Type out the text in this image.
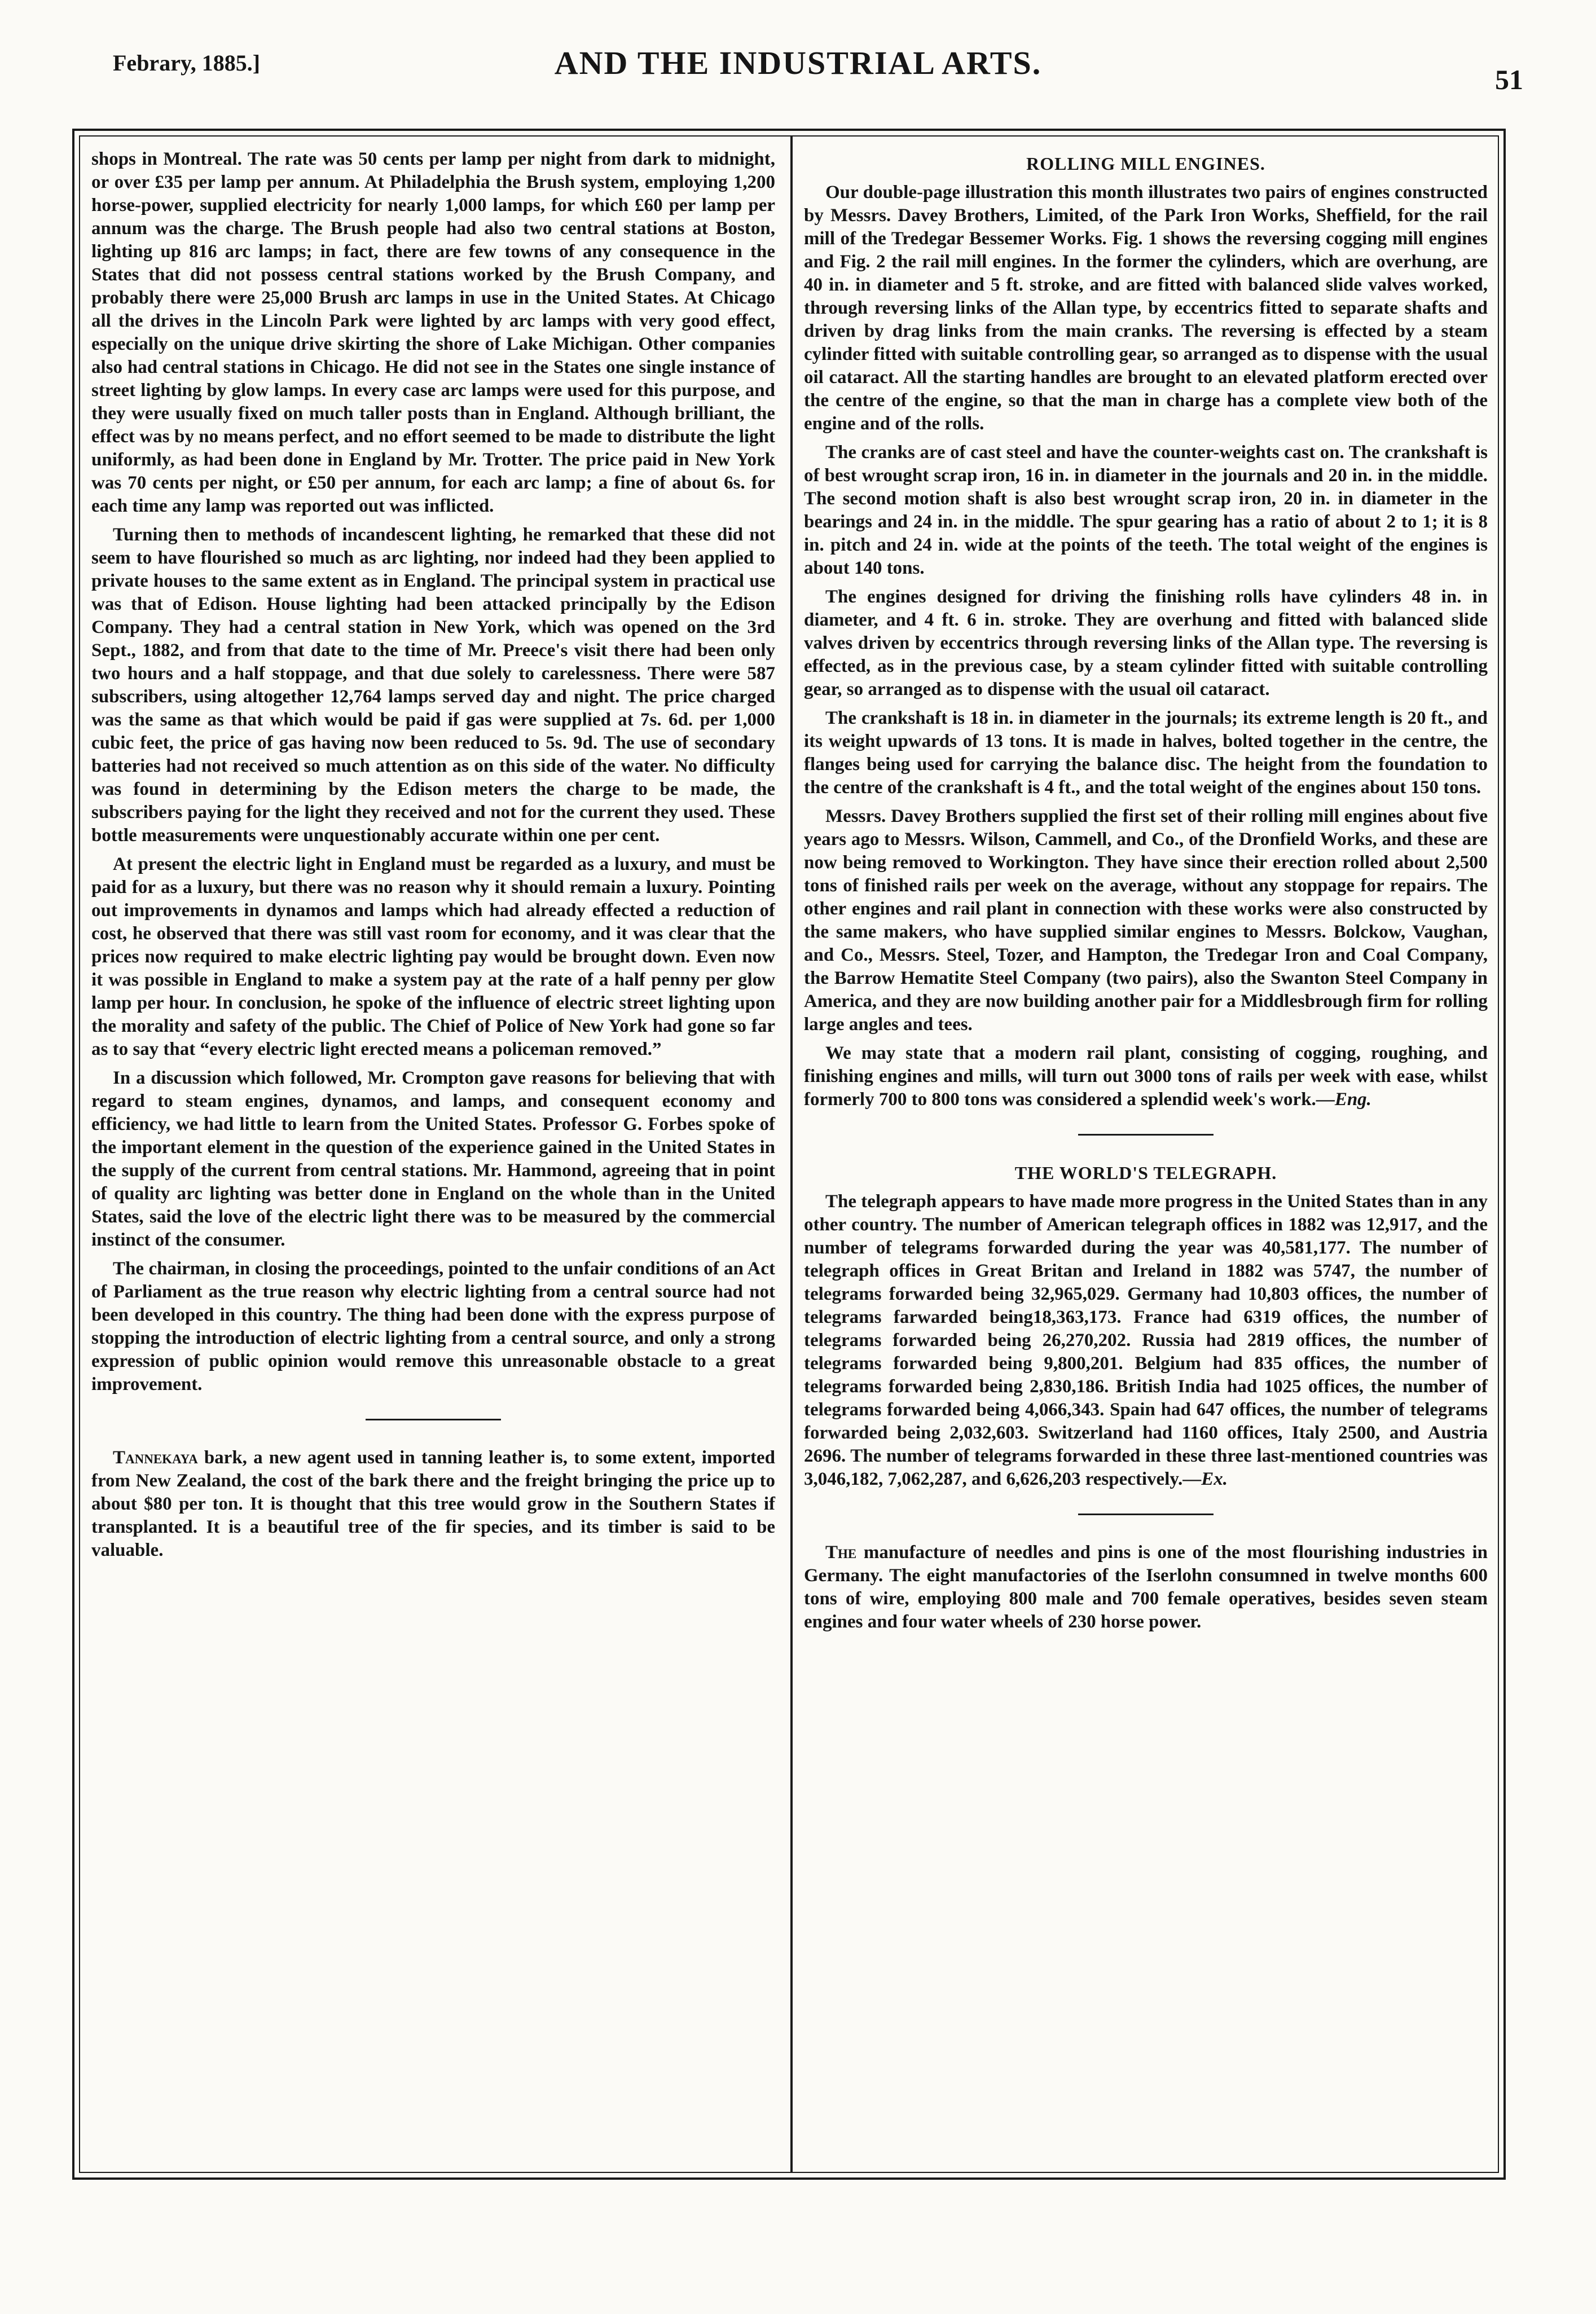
Febrary, 1885.]	AND THE INDUSTRIAL ARTS.	51

shops in Montreal. The rate was 50 cents per lamp per night from dark to midnight, or over £35 per lamp per annum. At Philadelphia the Brush system, employing 1,200 horse-power, supplied electricity for nearly 1,000 lamps, for which £60 per lamp per annum was the charge. The Brush people had also two central stations at Boston, lighting up 816 arc lamps; in fact, there are few towns of any consequence in the States that did not possess central stations worked by the Brush Company, and probably there were 25,000 Brush arc lamps in use in the United States. At Chicago all the drives in the Lincoln Park were lighted by arc lamps with very good effect, especially on the unique drive skirting the shore of Lake Michigan. Other companies also had central stations in Chicago. He did not see in the States one single instance of street lighting by glow lamps. In every case arc lamps were used for this purpose, and they were usually fixed on much taller posts than in England. Although brilliant, the effect was by no means perfect, and no effort seemed to be made to distribute the light uniformly, as had been done in England by Mr. Trotter. The price paid in New York was 70 cents per night, or £50 per annum, for each arc lamp; a fine of about 6s. for each time any lamp was reported out was inflicted.

Turning then to methods of incandescent lighting, he remarked that these did not seem to have flourished so much as arc lighting, nor indeed had they been applied to private houses to the same extent as in England. The principal system in practical use was that of Edison. House lighting had been attacked principally by the Edison Company. They had a central station in New York, which was opened on the 3rd Sept., 1882, and from that date to the time of Mr. Preece's visit there had been only two hours and a half stoppage, and that due solely to carelessness. There were 587 subscribers, using altogether 12,764 lamps served day and night. The price charged was the same as that which would be paid if gas were supplied at 7s. 6d. per 1,000 cubic feet, the price of gas having now been reduced to 5s. 9d. The use of secondary batteries had not received so much attention as on this side of the water. No difficulty was found in determining by the Edison meters the charge to be made, the subscribers paying for the light they received and not for the current they used. These bottle measurements were unquestionably accurate within one per cent.

At present the electric light in England must be regarded as a luxury, and must be paid for as a luxury, but there was no reason why it should remain a luxury. Pointing out improvements in dynamos and lamps which had already effected a reduction of cost, he observed that there was still vast room for economy, and it was clear that the prices now required to make electric lighting pay would be brought down. Even now it was possible in England to make a system pay at the rate of a half penny per glow lamp per hour. In conclusion, he spoke of the influence of electric street lighting upon the morality and safety of the public. The Chief of Police of New York had gone so far as to say that “every electric light erected means a policeman removed.”

In a discussion which followed, Mr. Crompton gave reasons for believing that with regard to steam engines, dynamos, and lamps, and consequent economy and efficiency, we had little to learn from the United States. Professor G. Forbes spoke of the important element in the question of the experience gained in the United States in the supply of the current from central stations. Mr. Hammond, agreeing that in point of quality arc lighting was better done in England on the whole than in the United States, said the love of the electric light there was to be measured by the commercial instinct of the consumer.

The chairman, in closing the proceedings, pointed to the unfair conditions of an Act of Parliament as the true reason why electric lighting from a central source had not been developed in this country. The thing had been done with the express purpose of stopping the introduction of electric lighting from a central source, and only a strong expression of public opinion would remove this unreasonable obstacle to a great improvement.

Tannekaya bark, a new agent used in tanning leather is, to some extent, imported from New Zealand, the cost of the bark there and the freight bringing the price up to about $80 per ton. It is thought that this tree would grow in the Southern States if transplanted. It is a beautiful tree of the fir species, and its timber is said to be valuable.

ROLLING MILL ENGINES.

Our double-page illustration this month illustrates two pairs of engines constructed by Messrs. Davey Brothers, Limited, of the Park Iron Works, Sheffield, for the rail mill of the Tredegar Bessemer Works. Fig. 1 shows the reversing cogging mill engines and Fig. 2 the rail mill engines. In the former the cylinders, which are overhung, are 40 in. in diameter and 5 ft. stroke, and are fitted with balanced slide valves worked, through reversing links of the Allan type, by eccentrics fitted to separate shafts and driven by drag links from the main cranks. The reversing is effected by a steam cylinder fitted with suitable controlling gear, so arranged as to dispense with the usual oil cataract. All the starting handles are brought to an elevated platform erected over the centre of the engine, so that the man in charge has a complete view both of the engine and of the rolls.

The cranks are of cast steel and have the counter-weights cast on. The crankshaft is of best wrought scrap iron, 16 in. in diameter in the journals and 20 in. in the middle. The second motion shaft is also best wrought scrap iron, 20 in. in diameter in the bearings and 24 in. in the middle. The spur gearing has a ratio of about 2 to 1; it is 8 in. pitch and 24 in. wide at the points of the teeth. The total weight of the engines is about 140 tons.

The engines designed for driving the finishing rolls have cylinders 48 in. in diameter, and 4 ft. 6 in. stroke. They are overhung and fitted with balanced slide valves driven by eccentrics through reversing links of the Allan type. The reversing is effected, as in the previous case, by a steam cylinder fitted with suitable controlling gear, so arranged as to dispense with the usual oil cataract.

The crankshaft is 18 in. in diameter in the journals; its extreme length is 20 ft., and its weight upwards of 13 tons. It is made in halves, bolted together in the centre, the flanges being used for carrying the balance disc. The height from the foundation to the centre of the crankshaft is 4 ft., and the total weight of the engines about 150 tons.

Messrs. Davey Brothers supplied the first set of their rolling mill engines about five years ago to Messrs. Wilson, Cammell, and Co., of the Dronfield Works, and these are now being removed to Workington. They have since their erection rolled about 2,500 tons of finished rails per week on the average, without any stoppage for repairs. The other engines and rail plant in connection with these works were also constructed by the same makers, who have supplied similar engines to Messrs. Bolckow, Vaughan, and Co., Messrs. Steel, Tozer, and Hampton, the Tredegar Iron and Coal Company, the Barrow Hematite Steel Company (two pairs), also the Swanton Steel Company in America, and they are now building another pair for a Middlesbrough firm for rolling large angles and tees.

We may state that a modern rail plant, consisting of cogging, roughing, and finishing engines and mills, will turn out 3000 tons of rails per week with ease, whilst formerly 700 to 800 tons was considered a splendid week's work.—Eng.

THE WORLD'S TELEGRAPH.

The telegraph appears to have made more progress in the United States than in any other country. The number of American telegraph offices in 1882 was 12,917, and the number of telegrams forwarded during the year was 40,581,177. The number of telegraph offices in Great Britan and Ireland in 1882 was 5747, the number of telegrams forwarded being 32,965,029. Germany had 10,803 offices, the number of telegrams farwarded being18,363,173. France had 6319 offices, the number of telegrams forwarded being 26,270,202. Russia had 2819 offices, the number of telegrams forwarded being 9,800,201. Belgium had 835 offices, the number of telegrams forwarded being 2,830,186. British India had 1025 offices, the number of telegrams forwarded being 4,066,343. Spain had 647 offices, the number of telegrams forwarded being 2,032,603. Switzerland had 1160 offices, Italy 2500, and Austria 2696. The number of telegrams forwarded in these three last-mentioned countries was 3,046,182, 7,062,287, and 6,626,203 respectively.—Ex.

The manufacture of needles and pins is one of the most flourishing industries in Germany. The eight manufactories of the Iserlohn consumned in twelve months 600 tons of wire, employing 800 male and 700 female operatives, besides seven steam engines and four water wheels of 230 horse power.
